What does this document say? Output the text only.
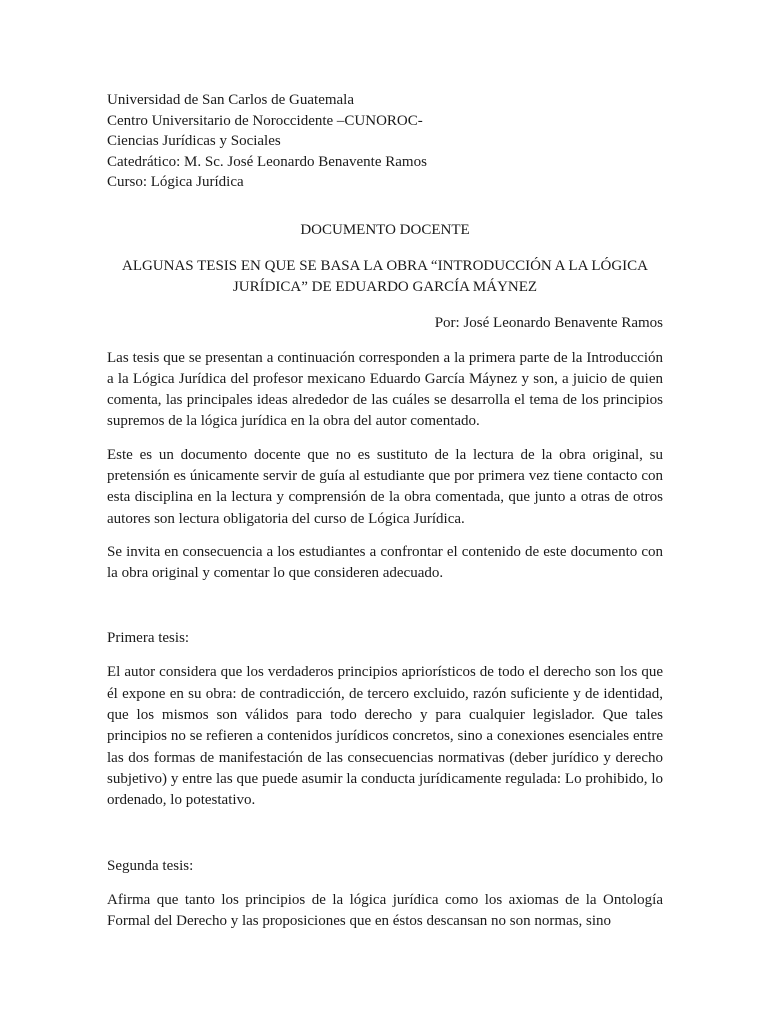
Universidad de San Carlos de Guatemala
Centro Universitario de Noroccidente –CUNOROC-
Ciencias Jurídicas y Sociales
Catedrático: M. Sc. José Leonardo Benavente Ramos
Curso: Lógica Jurídica
DOCUMENTO DOCENTE
ALGUNAS TESIS EN QUE SE BASA LA OBRA “INTRODUCCIÓN A LA LÓGICA JURÍDICA” DE EDUARDO GARCÍA MÁYNEZ
Por: José Leonardo Benavente Ramos

Las tesis que se presentan a continuación corresponden a la primera parte de la Introducción a la Lógica Jurídica del profesor mexicano Eduardo García Máynez y son, a juicio de quien comenta, las principales ideas alrededor de las cuáles se desarrolla el tema de los principios supremos de la lógica jurídica en la obra del autor comentado.

Este es un documento docente que no es sustituto de la lectura de la obra original, su pretensión es únicamente servir de guía al estudiante que por primera vez tiene contacto con esta disciplina en la lectura y comprensión de la obra comentada, que junto a otras de otros autores son lectura obligatoria del curso de Lógica Jurídica.

Se invita en consecuencia a los estudiantes a confrontar el contenido de este documento con la obra original y comentar lo que consideren adecuado.

Primera tesis:

El autor considera que los verdaderos principios apriorísticos de todo el derecho son los que él expone en su obra: de contradicción, de tercero excluido, razón suficiente y de identidad, que los mismos son válidos para todo derecho y para cualquier legislador. Que tales principios no se refieren a contenidos jurídicos concretos, sino a conexiones esenciales entre las dos formas de manifestación de las consecuencias normativas (deber jurídico y derecho subjetivo) y entre las que puede asumir la conducta jurídicamente regulada: Lo prohibido, lo ordenado, lo potestativo.

Segunda tesis:

Afirma que tanto los principios de la lógica jurídica como los axiomas de la Ontología Formal del Derecho y las proposiciones que en éstos descansan no son normas, sino
